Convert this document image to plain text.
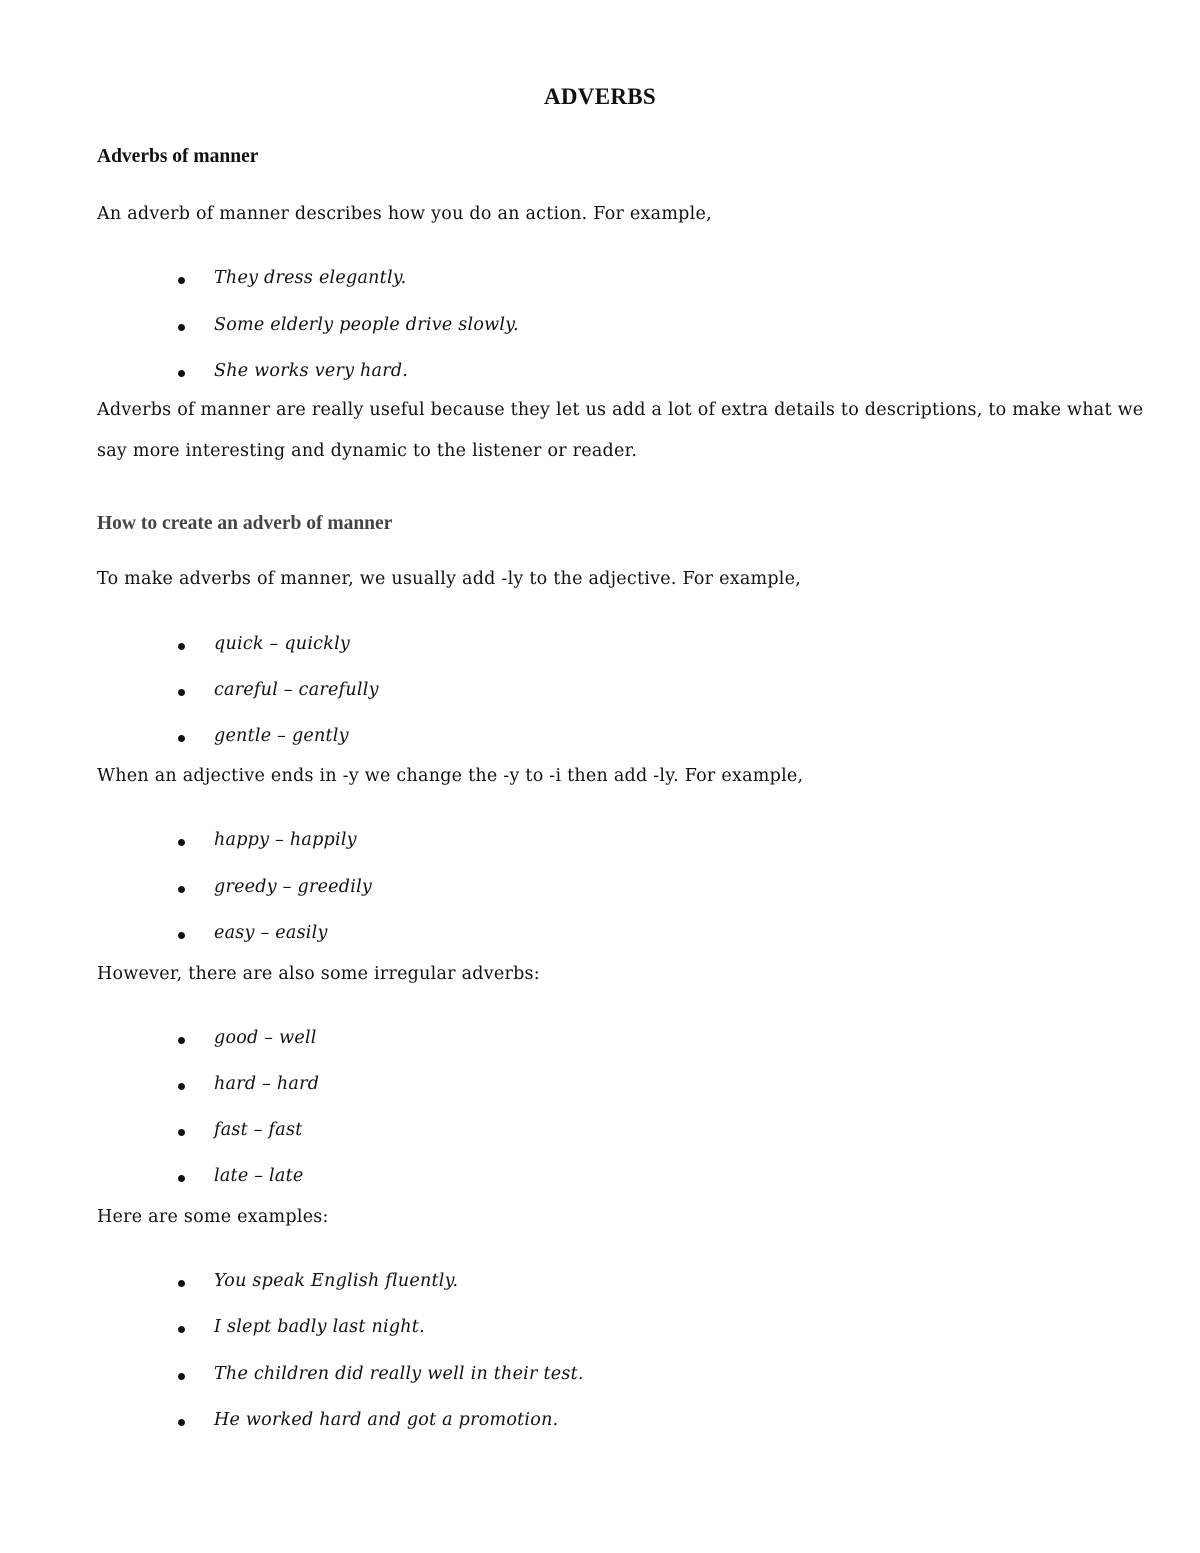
ADVERBS
Adverbs of manner
An adverb of manner describes how you do an action. For example,
They dress elegantly.
Some elderly people drive slowly.
She works very hard.
Adverbs of manner are really useful because they let us add a lot of extra details to descriptions, to make what we say more interesting and dynamic to the listener or reader.
How to create an adverb of manner
To make adverbs of manner, we usually add -ly to the adjective. For example,
quick – quickly
careful – carefully
gentle – gently
When an adjective ends in -y we change the -y to -i then add -ly. For example,
happy – happily
greedy – greedily
easy – easily
However, there are also some irregular adverbs:
good – well
hard – hard
fast – fast
late – late
Here are some examples:
You speak English fluently.
I slept badly last night.
The children did really well in their test.
He worked hard and got a promotion.
